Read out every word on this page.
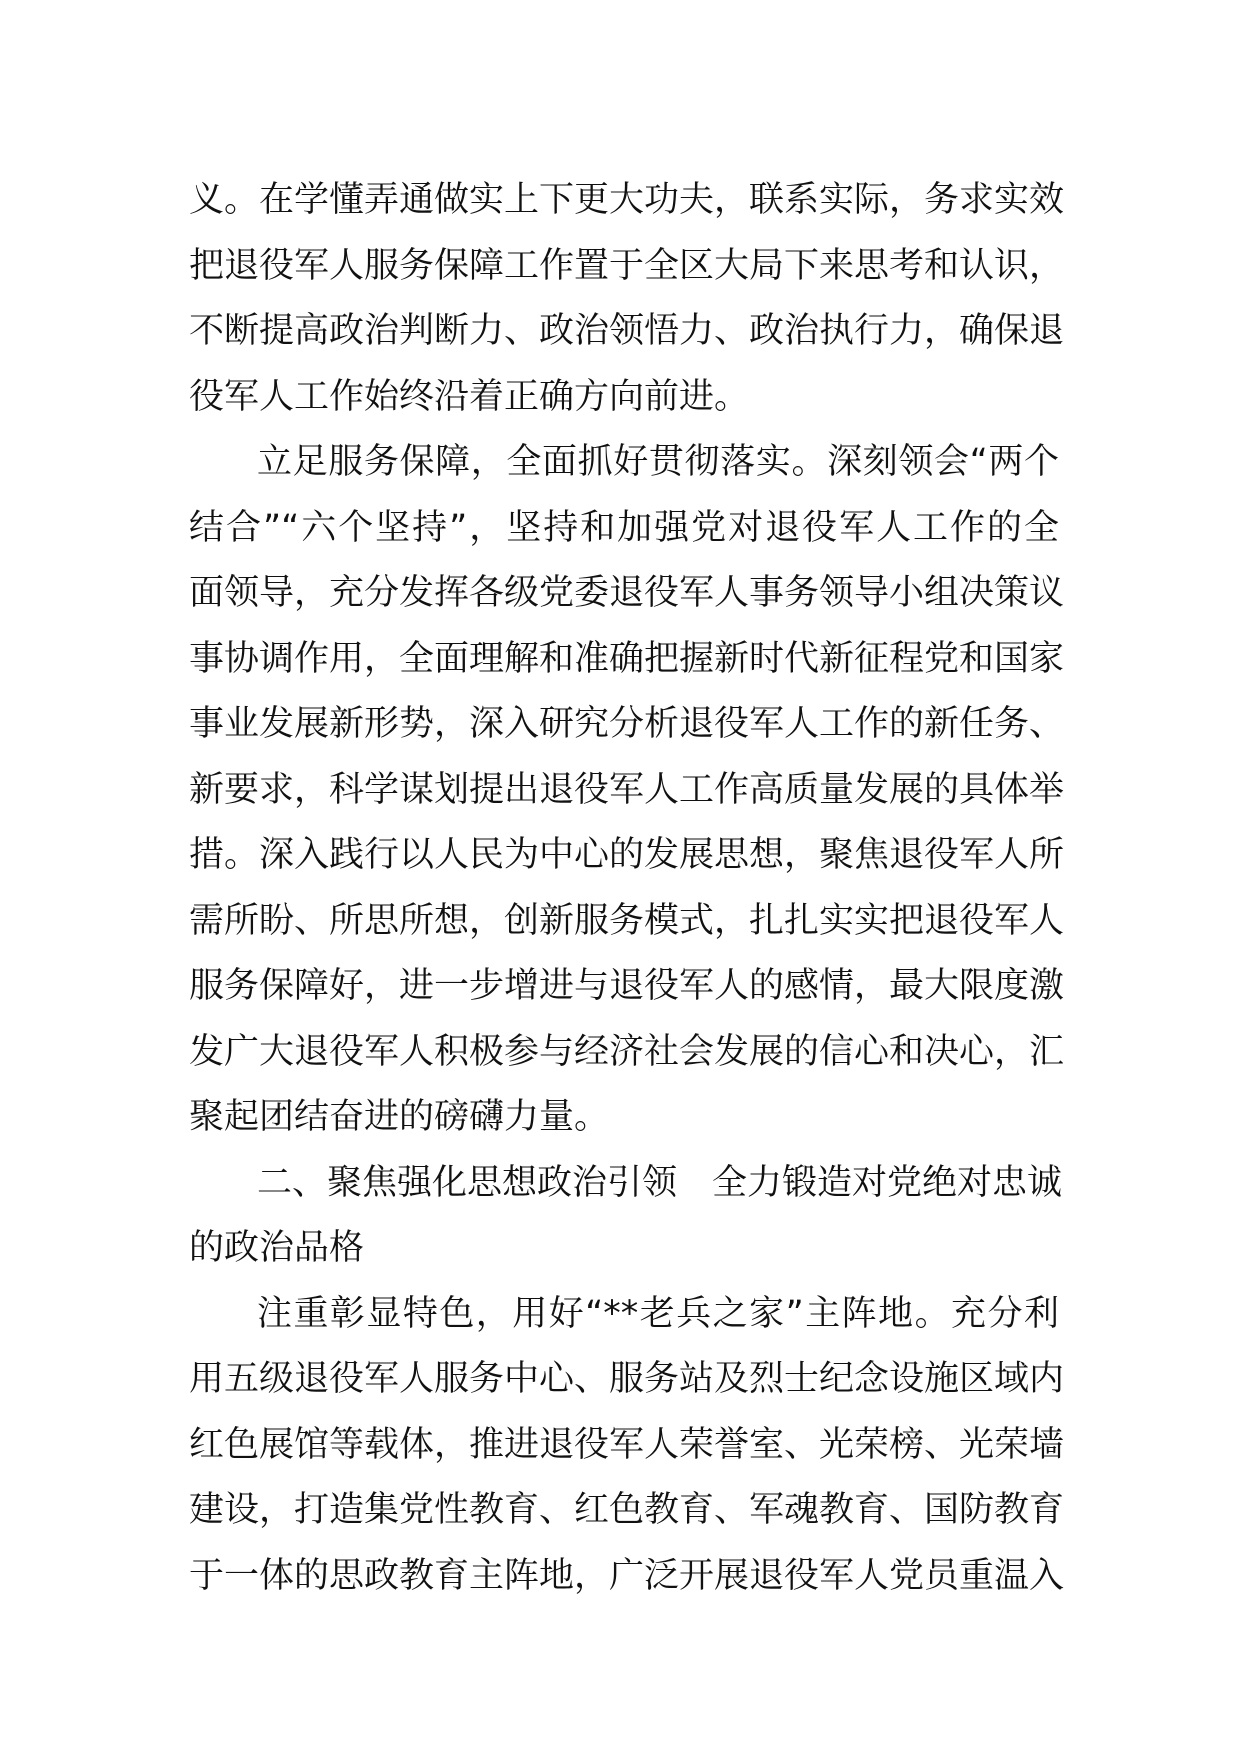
义。在学懂弄通做实上下更大功夫，联系实际，务求实效
把退役军人服务保障工作置于全区大局下来思考和认识，
不断提高政治判断力、政治领悟力、政治执行力，确保退
役军人工作始终沿着正确方向前进。
立足服务保障，全面抓好贯彻落实。深刻领会“两个
结合”“六个坚持”，坚持和加强党对退役军人工作的全
面领导，充分发挥各级党委退役军人事务领导小组决策议
事协调作用，全面理解和准确把握新时代新征程党和国家
事业发展新形势，深入研究分析退役军人工作的新任务、
新要求，科学谋划提出退役军人工作高质量发展的具体举
措。深入践行以人民为中心的发展思想，聚焦退役军人所
需所盼、所思所想，创新服务模式，扎扎实实把退役军人
服务保障好，进一步增进与退役军人的感情，最大限度激
发广大退役军人积极参与经济社会发展的信心和决心，汇
聚起团结奋进的磅礴力量。
二、聚焦强化思想政治引领 全力锻造对党绝对忠诚
的政治品格
注重彰显特色，用好“**老兵之家”主阵地。充分利
用五级退役军人服务中心、服务站及烈士纪念设施区域内
红色展馆等载体，推进退役军人荣誉室、光荣榜、光荣墙
建设，打造集党性教育、红色教育、军魂教育、国防教育
于一体的思政教育主阵地，广泛开展退役军人党员重温入
